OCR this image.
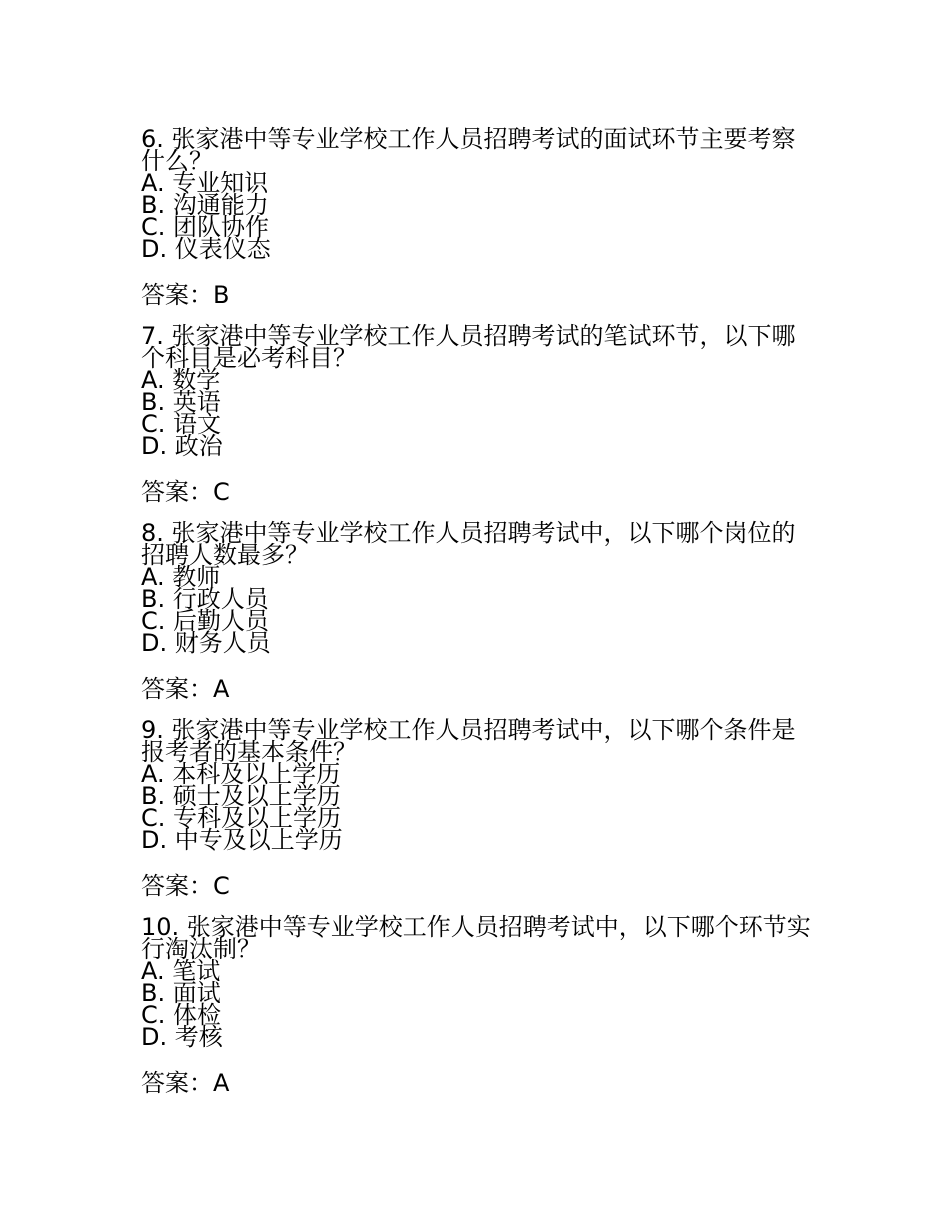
6. 张家港中等专业学校工作人员招聘考试的面试环节主要考察什么？

A. 专业知识

B. 沟通能力

C. 团队协作

D. 仪表仪态

答案：B

7. 张家港中等专业学校工作人员招聘考试的笔试环节，以下哪个科目是必考科目？

A. 数学

B. 英语

C. 语文

D. 政治

答案：C

8. 张家港中等专业学校工作人员招聘考试中，以下哪个岗位的招聘人数最多？

A. 教师

B. 行政人员

C. 后勤人员

D. 财务人员

答案：A

9. 张家港中等专业学校工作人员招聘考试中，以下哪个条件是报考者的基本条件？

A. 本科及以上学历

B. 硕士及以上学历

C. 专科及以上学历

D. 中专及以上学历

答案：C

10. 张家港中等专业学校工作人员招聘考试中，以下哪个环节实行淘汰制？

A. 笔试

B. 面试

C. 体检

D. 考核

答案：A
